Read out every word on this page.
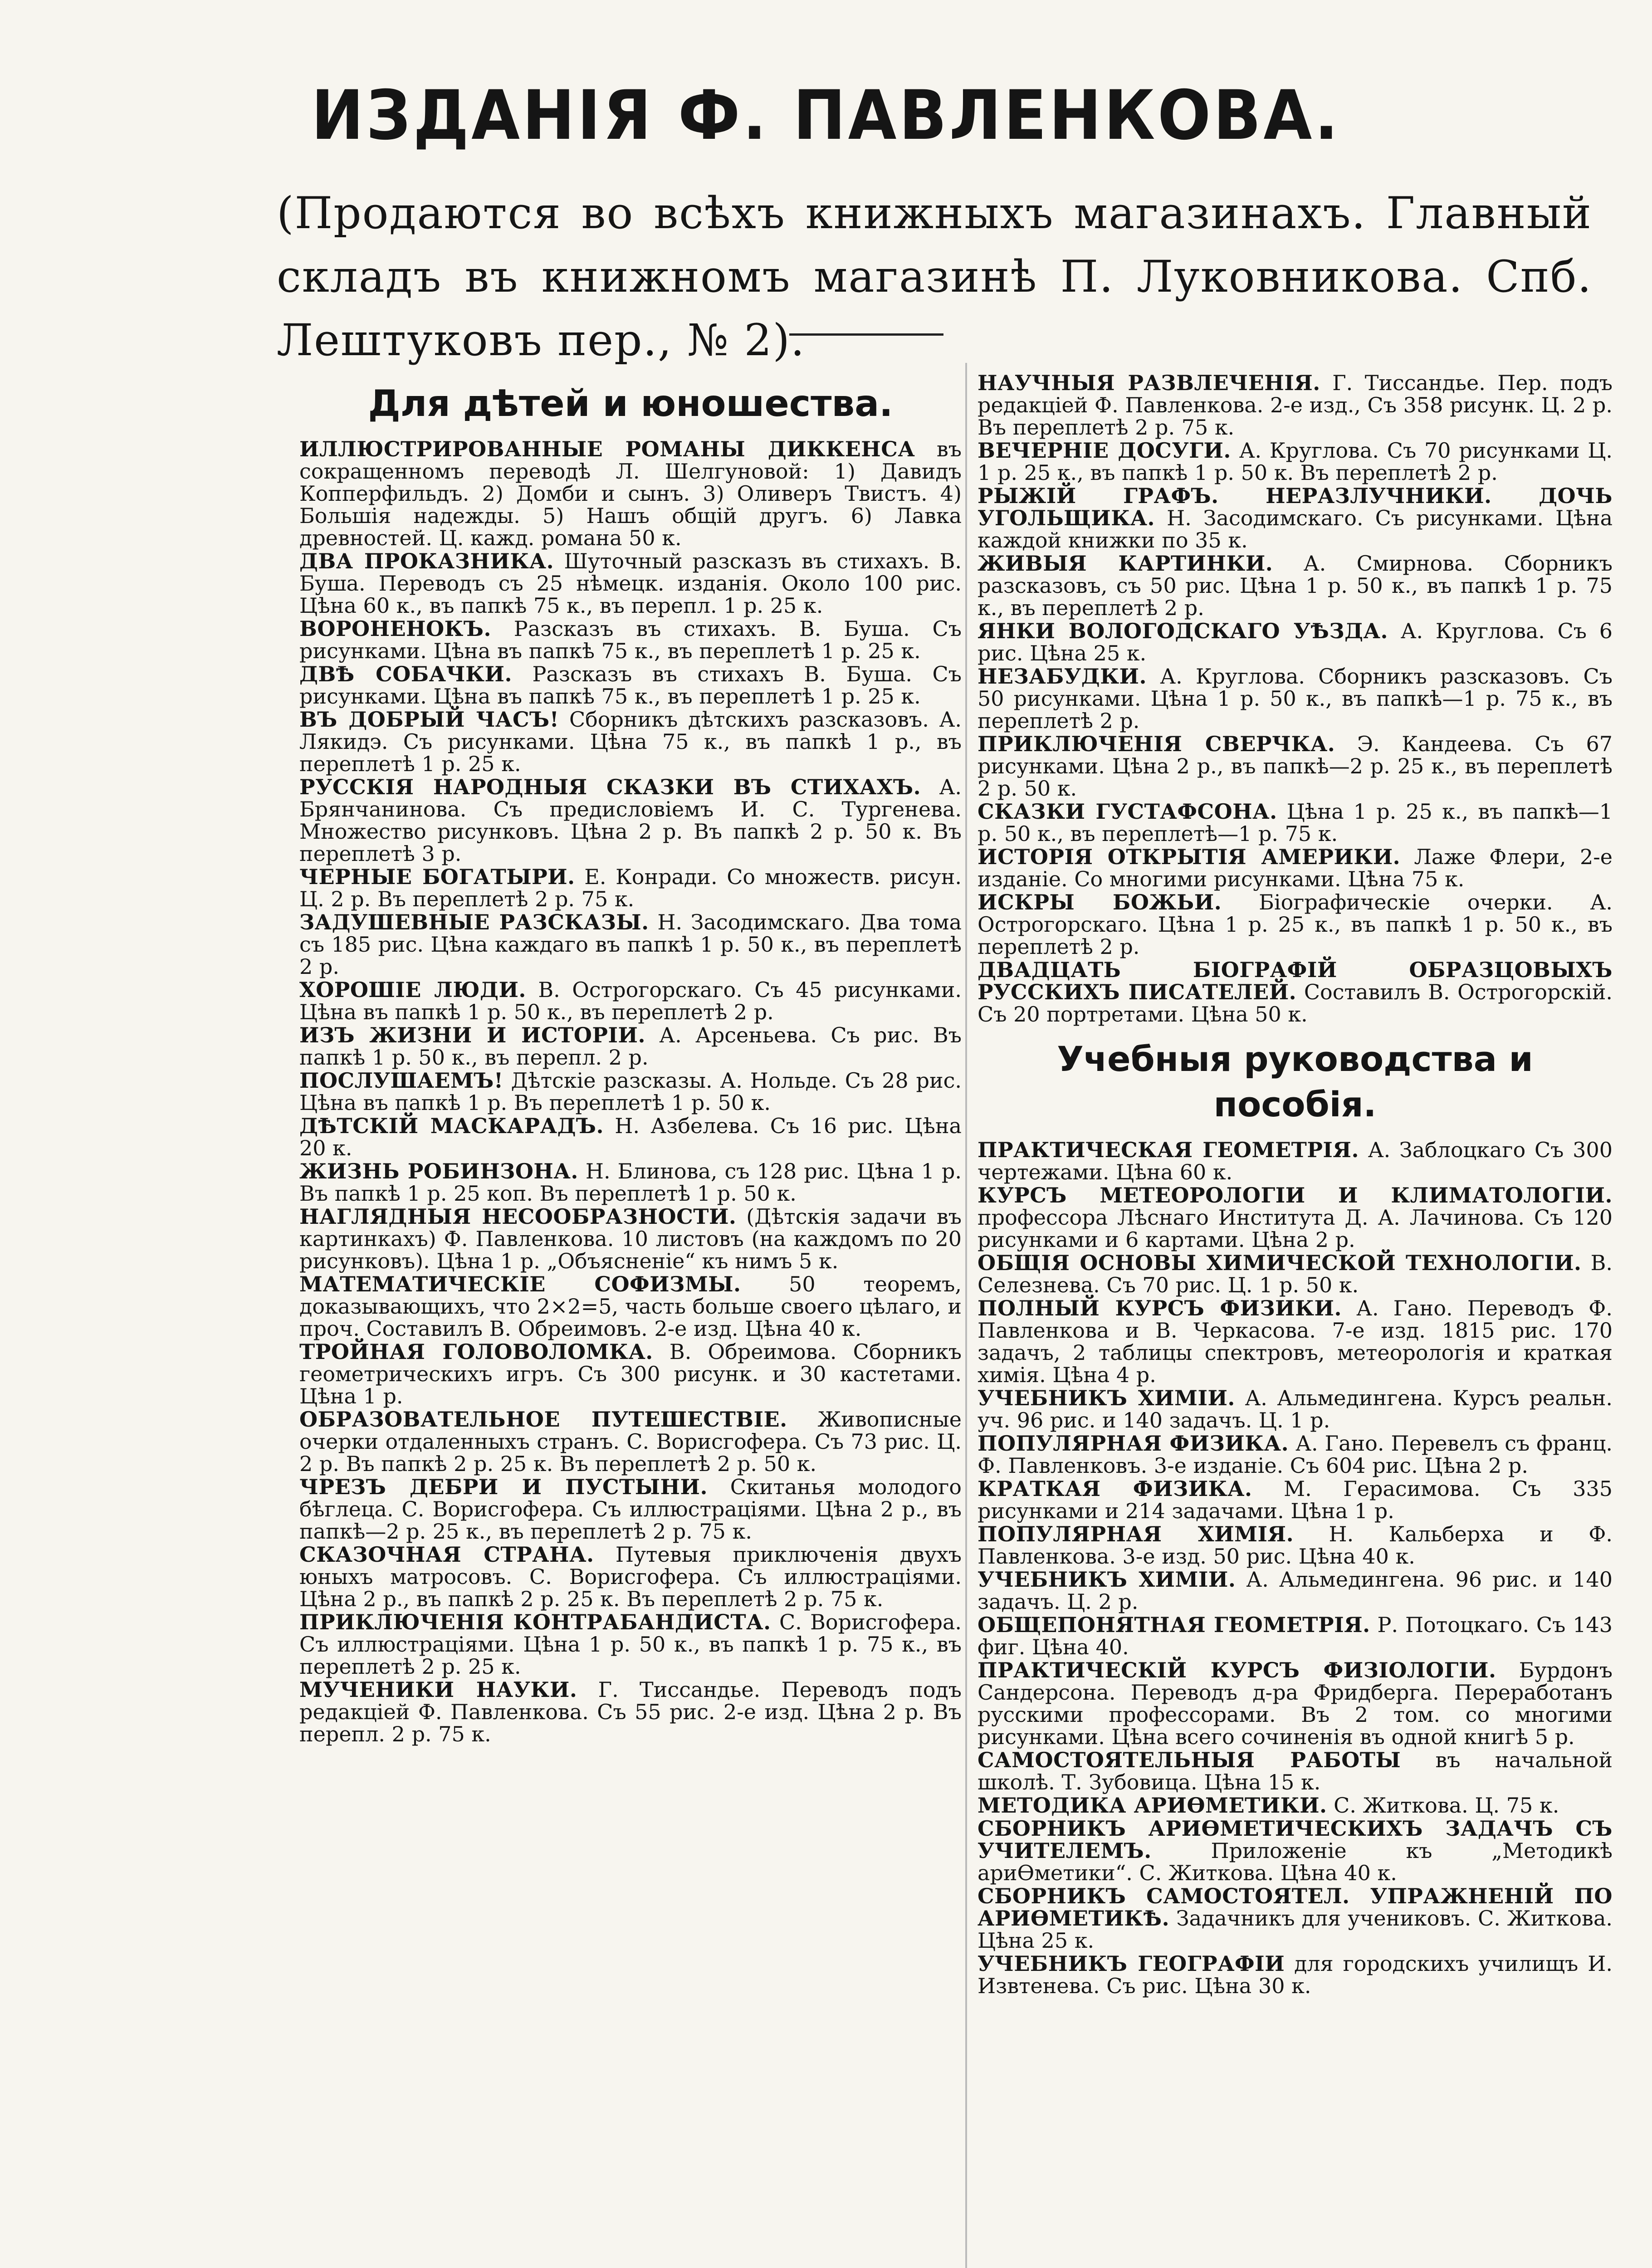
ИЗДАНІЯ Ф. ПАВЛЕНКОВА.
(Продаются во всѣхъ книжныхъ магазинахъ. Главный складъ въ книжномъ магазинѣ П. Луковникова. Спб. Лештуковъ пер., № 2).
Для дѣтей и юношества.

ИЛЛЮСТРИРОВАННЫЕ РОМАНЫ ДИККЕНСА въ сокращенномъ переводѣ Л. Шелгуновой: 1) Давидъ Копперфильдъ. 2) Домби и сынъ. 3) Оливеръ Твистъ. 4) Большія надежды. 5) Нашъ общій другъ. 6) Лавка древностей. Ц. кажд. романа 50 к.

ДВА ПРОКАЗНИКА. Шуточный разсказъ въ стихахъ. В. Буша. Переводъ съ 25 нѣмецк. изданія. Около 100 рис. Цѣна 60 к., въ папкѣ 75 к., въ перепл. 1 р. 25 к.

ВОРОНЕНОКЪ. Разсказъ въ стихахъ. В. Буша. Съ рисунками. Цѣна въ папкѣ 75 к., въ переплетѣ 1 р. 25 к.

ДВѢ СОБАЧКИ. Разсказъ въ стихахъ В. Буша. Съ рисунками. Цѣна въ папкѣ 75 к., въ переплетѣ 1 р. 25 к.

ВЪ ДОБРЫЙ ЧАСЪ! Сборникъ дѣтскихъ разсказовъ. А. Лякидэ. Съ рисунками. Цѣна 75 к., въ папкѣ 1 р., въ переплетѣ 1 р. 25 к.

РУССКІЯ НАРОДНЫЯ СКАЗКИ ВЪ СТИХАХЪ. А. Брянчанинова. Съ предисловіемъ И. С. Тургенева. Множество рисунковъ. Цѣна 2 р. Въ папкѣ 2 р. 50 к. Въ переплетѣ 3 р.

ЧЕРНЫЕ БОГАТЫРИ. Е. Конради. Со множеств. рисун. Ц. 2 р. Въ переплетѣ 2 р. 75 к.

ЗАДУШЕВНЫЕ РАЗСКАЗЫ. Н. Засодимскаго. Два тома съ 185 рис. Цѣна каждаго въ папкѣ 1 р. 50 к., въ переплетѣ 2 р.

ХОРОШІЕ ЛЮДИ. В. Острогорскаго. Съ 45 рисунками. Цѣна въ папкѣ 1 р. 50 к., въ переплетѣ 2 р.

ИЗЪ ЖИЗНИ И ИСТОРІИ. А. Арсеньева. Съ рис. Въ папкѣ 1 р. 50 к., въ перепл. 2 р.

ПОСЛУШАЕМЪ! Дѣтскіе разсказы. А. Нольде. Съ 28 рис. Цѣна въ папкѣ 1 р. Въ переплетѣ 1 р. 50 к.

ДѢТСКІЙ МАСКАРАДЪ. Н. Азбелева. Съ 16 рис. Цѣна 20 к.

ЖИЗНЬ РОБИНЗОНА. Н. Блинова, съ 128 рис. Цѣна 1 р. Въ папкѣ 1 р. 25 коп. Въ переплетѣ 1 р. 50 к.

НАГЛЯДНЫЯ НЕСООБРАЗНОСТИ. (Дѣтскія задачи въ картинкахъ) Ф. Павленкова. 10 листовъ (на каждомъ по 20 рисунковъ). Цѣна 1 р. „Объясненіе“ къ нимъ 5 к.

МАТЕМАТИЧЕСКІЕ СОФИЗМЫ. 50 теоремъ, доказывающихъ, что 2×2=5, часть больше своего цѣлаго, и проч. Составилъ В. Обреимовъ. 2-е изд. Цѣна 40 к.

ТРОЙНАЯ ГОЛОВОЛОМКА. В. Обреимова. Сборникъ геометрическихъ игръ. Съ 300 рисунк. и 30 кастетами. Цѣна 1 р.

ОБРАЗОВАТЕЛЬНОЕ ПУТЕШЕСТВІЕ. Живописные очерки отдаленныхъ странъ. С. Ворисгофера. Съ 73 рис. Ц. 2 р. Въ папкѣ 2 р. 25 к. Въ переплетѣ 2 р. 50 к.

ЧРЕЗЪ ДЕБРИ И ПУСТЫНИ. Скитанья молодого бѣглеца. С. Ворисгофера. Съ иллюстраціями. Цѣна 2 р., въ папкѣ—2 р. 25 к., въ переплетѣ 2 р. 75 к.

СКАЗОЧНАЯ СТРАНА. Путевыя приключенія двухъ юныхъ матросовъ. С. Ворисгофера. Съ иллюстраціями. Цѣна 2 р., въ папкѣ 2 р. 25 к. Въ переплетѣ 2 р. 75 к.

ПРИКЛЮЧЕНІЯ КОНТРАБАНДИСТА. С. Ворисгофера. Съ иллюстраціями. Цѣна 1 р. 50 к., въ папкѣ 1 р. 75 к., въ переплетѣ 2 р. 25 к.

МУЧЕНИКИ НАУКИ. Г. Тиссандье. Переводъ подъ редакціей Ф. Павленкова. Съ 55 рис. 2-е изд. Цѣна 2 р. Въ перепл. 2 р. 75 к.

НАУЧНЫЯ РАЗВЛЕЧЕНІЯ. Г. Тиссандье. Пер. подъ редакціей Ф. Павленкова. 2-е изд., Съ 358 рисунк. Ц. 2 р. Въ переплетѣ 2 р. 75 к.

ВЕЧЕРНІЕ ДОСУГИ. А. Круглова. Съ 70 рисунками Ц. 1 р. 25 к., въ папкѣ 1 р. 50 к. Въ переплетѣ 2 р.

РЫЖІЙ ГРАФЪ. НЕРАЗЛУЧНИКИ. ДОЧЬ УГОЛЬЩИКА. Н. Засодимскаго. Съ рисунками. Цѣна каждой книжки по 35 к.

ЖИВЫЯ КАРТИНКИ. А. Смирнова. Сборникъ разсказовъ, съ 50 рис. Цѣна 1 р. 50 к., въ папкѣ 1 р. 75 к., въ переплетѣ 2 р.

ЯНКИ ВОЛОГОДСКАГО УѢЗДА. А. Круглова. Съ 6 рис. Цѣна 25 к.

НЕЗАБУДКИ. А. Круглова. Сборникъ разсказовъ. Съ 50 рисунками. Цѣна 1 р. 50 к., въ папкѣ—1 р. 75 к., въ переплетѣ 2 р.

ПРИКЛЮЧЕНІЯ СВЕРЧКА. Э. Кандеева. Съ 67 рисунками. Цѣна 2 р., въ папкѣ—2 р. 25 к., въ переплетѣ 2 р. 50 к.

СКАЗКИ ГУСТАФСОНА. Цѣна 1 р. 25 к., въ папкѣ—1 р. 50 к., въ переплетѣ—1 р. 75 к.

ИСТОРІЯ ОТКРЫТІЯ АМЕРИКИ. Лаже Флери, 2-е изданіе. Со многими рисунками. Цѣна 75 к.

ИСКРЫ БОЖЬИ. Біографическіе очерки. А. Острогорскаго. Цѣна 1 р. 25 к., въ папкѣ 1 р. 50 к., въ переплетѣ 2 р.

ДВАДЦАТЬ БІОГРАФІЙ ОБРАЗЦОВЫХЪ РУССКИХЪ ПИСАТЕЛЕЙ. Составилъ В. Острогорскій. Съ 20 портретами. Цѣна 50 к.

Учебныя руководства и пособія.

ПРАКТИЧЕСКАЯ ГЕОМЕТРІЯ. А. Заблоцкаго Съ 300 чертежами. Цѣна 60 к.

КУРСЪ МЕТЕОРОЛОГІИ И КЛИМАТОЛОГІИ. профессора Лѣснаго Института Д. А. Лачинова. Съ 120 рисунками и 6 картами. Цѣна 2 р.

ОБЩІЯ ОСНОВЫ ХИМИЧЕСКОЙ ТЕХНОЛОГІИ. В. Селезнева. Съ 70 рис. Ц. 1 р. 50 к.

ПОЛНЫЙ КУРСЪ ФИЗИКИ. А. Гано. Переводъ Ф. Павленкова и В. Черкасова. 7-е изд. 1815 рис. 170 задачъ, 2 таблицы спектровъ, метеорологія и краткая химія. Цѣна 4 р.

УЧЕБНИКЪ ХИМІИ. А. Альмедингена. Курсъ реальн. уч. 96 рис. и 140 задачъ. Ц. 1 р.

ПОПУЛЯРНАЯ ФИЗИКА. А. Гано. Перевелъ съ франц. Ф. Павленковъ. 3-е изданіе. Съ 604 рис. Цѣна 2 р.

КРАТКАЯ ФИЗИКА. М. Герасимова. Съ 335 рисунками и 214 задачами. Цѣна 1 р.

ПОПУЛЯРНАЯ ХИМІЯ. Н. Кальберха и Ф. Павленкова. 3-е изд. 50 рис. Цѣна 40 к.

УЧЕБНИКЪ ХИМІИ. А. Альмедингена. 96 рис. и 140 задачъ. Ц. 2 р.

ОБЩЕПОНЯТНАЯ ГЕОМЕТРІЯ. Р. Потоцкаго. Съ 143 фиг. Цѣна 40.

ПРАКТИЧЕСКІЙ КУРСЪ ФИЗІОЛОГІИ. Бурдонъ Сандерсона. Переводъ д-ра Фридберга. Переработанъ русскими профессорами. Въ 2 том. со многими рисунками. Цѣна всего сочиненія въ одной книгѣ 5 р.

САМОСТОЯТЕЛЬНЫЯ РАБОТЫ въ начальной школѣ. Т. Зубовица. Цѣна 15 к.

МЕТОДИКА АРИѲМЕТИКИ. С. Житкова. Ц. 75 к.

СБОРНИКЪ АРИѲМЕТИЧЕСКИХЪ ЗАДАЧЪ СЪ УЧИТЕЛЕМЪ. Приложеніе къ „Методикѣ ариѲметики“. С. Житкова. Цѣна 40 к.

СБОРНИКЪ САМОСТОЯТЕЛ. УПРАЖНЕНІЙ ПО АРИѲМЕТИКѢ. Задачникъ для учениковъ. С. Житкова. Цѣна 25 к.

УЧЕБНИКЪ ГЕОГРАФІИ для городскихъ училищъ И. Извтенева. Съ рис. Цѣна 30 к.
